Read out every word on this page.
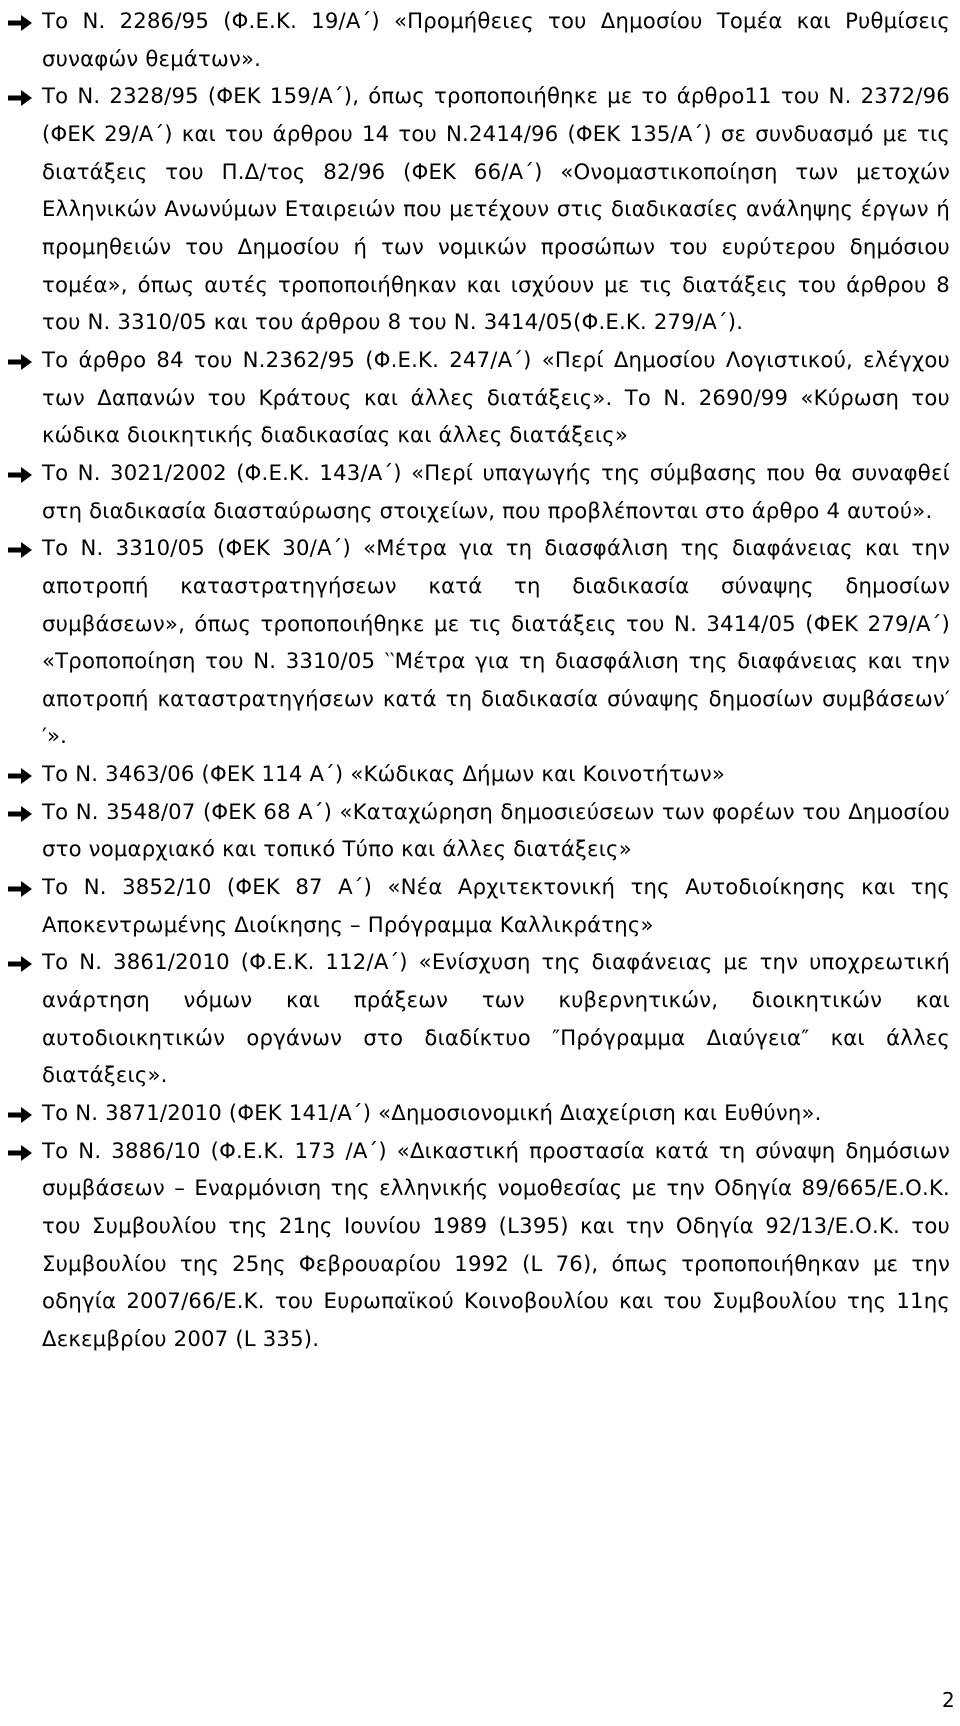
Το Ν. 2286/95 (Φ.Ε.Κ. 19/Α΄) «Προμήθειες του Δημοσίου Τομέα και Ρυθμίσεις συναφών θεμάτων».
Το Ν. 2328/95 (ΦΕΚ 159/Α΄), όπως τροποποιήθηκε με το άρθρο11 του Ν. 2372/96 (ΦΕΚ 29/Α΄) και του άρθρου 14 του Ν.2414/96 (ΦΕΚ 135/Α΄) σε συνδυασμό με τις διατάξεις του Π.Δ/τος 82/96 (ΦΕΚ 66/Α΄) «Ονομαστικοποίηση των μετοχών Ελληνικών Ανωνύμων Εταιρειών που μετέχουν στις διαδικασίες ανάληψης έργων ή προμηθειών του Δημοσίου ή των νομικών προσώπων του ευρύτερου δημόσιου τομέα», όπως αυτές τροποποιήθηκαν και ισχύουν με τις διατάξεις του άρθρου 8 του Ν. 3310/05 και του άρθρου 8 του Ν. 3414/05(Φ.Ε.Κ. 279/Α΄).
Το άρθρο 84 του Ν.2362/95 (Φ.Ε.Κ. 247/Α΄) «Περί Δημοσίου Λογιστικού, ελέγχου των Δαπανών του Κράτους και άλλες διατάξεις». Το Ν. 2690/99 «Κύρωση του κώδικα διοικητικής διαδικασίας και άλλες διατάξεις»
Το Ν. 3021/2002 (Φ.Ε.Κ. 143/Α΄) «Περί υπαγωγής της σύμβασης που θα συναφθεί στη διαδικασία διασταύρωσης στοιχείων, που προβλέπονται στο άρθρο 4 αυτού».
Το Ν. 3310/05 (ΦΕΚ 30/Α΄) «Μέτρα για τη διασφάλιση της διαφάνειας και την αποτροπή καταστρατηγήσεων κατά τη διαδικασία σύναψης δημοσίων συμβάσεων», όπως τροποποιήθηκε με τις διατάξεις του Ν. 3414/05 (ΦΕΚ 279/Α΄) «Τροποποίηση του Ν. 3310/05 ‵‵Μέτρα για τη διασφάλιση της διαφάνειας και την αποτροπή καταστρατηγήσεων κατά τη διαδικασία σύναψης δημοσίων συμβάσεων′′».
Το Ν. 3463/06 (ΦΕΚ 114 Α΄) «Κώδικας Δήμων και Κοινοτήτων»
Το Ν. 3548/07 (ΦΕΚ 68 Α΄) «Καταχώρηση δημοσιεύσεων των φορέων του Δημοσίου στο νομαρχιακό και τοπικό Τύπο και άλλες διατάξεις»
Το Ν. 3852/10 (ΦΕΚ 87 Α΄) «Νέα Αρχιτεκτονική της Αυτοδιοίκησης και της Αποκεντρωμένης Διοίκησης – Πρόγραμμα Καλλικράτης»
Το Ν. 3861/2010 (Φ.Ε.Κ. 112/Α΄) «Ενίσχυση της διαφάνειας με την υποχρεωτική ανάρτηση νόμων και πράξεων των κυβερνητικών, διοικητικών και αυτοδιοικητικών οργάνων στο διαδίκτυο ″Πρόγραμμα Διαύγεια″ και άλλες διατάξεις».
Το Ν. 3871/2010 (ΦΕΚ 141/Α΄) «Δημοσιονομική Διαχείριση και Ευθύνη».
Το Ν. 3886/10 (Φ.Ε.Κ. 173 /Α΄) «Δικαστική προστασία κατά τη σύναψη δημόσιων συμβάσεων – Εναρμόνιση της ελληνικής νομοθεσίας με την Οδηγία 89/665/Ε.Ο.Κ. του Συμβουλίου της 21ης Ιουνίου 1989 (L395) και την Οδηγία 92/13/Ε.Ο.Κ. του Συμβουλίου της 25ης Φεβρουαρίου 1992 (L 76), όπως τροποποιήθηκαν με την οδηγία 2007/66/Ε.Κ. του Ευρωπαϊκού Κοινοβουλίου και του Συμβουλίου της 11ης Δεκεμβρίου 2007 (L 335).
2
